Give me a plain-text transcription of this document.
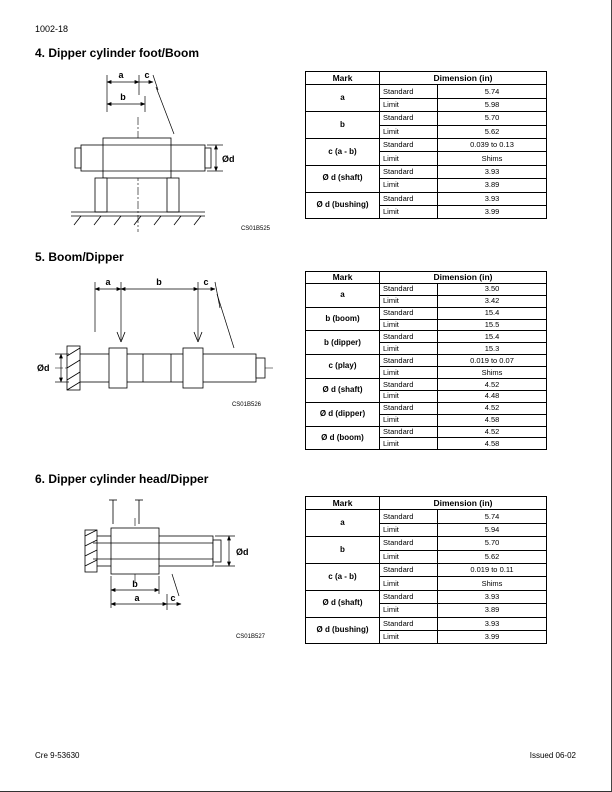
1002-18
4. Dipper cylinder foot/Boom
a c
b
Ød
CS01B525
Mark	Dimension (in)	
a	Standard	5.74
	Limit	5.98
b	Standard	5.70
	Limit	5.62
c (a - b)	Standard	0.039 to 0.13
	Limit	Shims
Ø d (shaft)	Standard	3.93
	Limit	3.89
Ø d (bushing)	Standard	3.93
	Limit	3.99
5. Boom/Dipper
a	b	c
Ød
CS01B526
Mark	Dimension (in)	
a	Standard	3.50
	Limit	3.42
b (boom)	Standard	15.4
	Limit	15.5
b (dipper)	Standard	15.4
	Limit	15.3
c (play)	Standard	0.019 to 0.07
	Limit	Shims
Ø d (shaft)	Standard	4.52
	Limit	4.48
Ø d (dipper)	Standard	4.52
	Limit	4.58
Ø d (boom)	Standard	4.52
	Limit	4.58
6. Dipper cylinder head/Dipper
b
a	c
Ød
CS01B527
Mark	Dimension (in)	
a	Standard	5.74
	Limit	5.94
b	Standard	5.70
	Limit	5.62
c (a - b)	Standard	0.019 to 0.11
	Limit	Shims
Ø d (shaft)	Standard	3.93
	Limit	3.89
Ø d (bushing)	Standard	3.93
	Limit	3.99
Cre 9-53630	Issued 06-02
